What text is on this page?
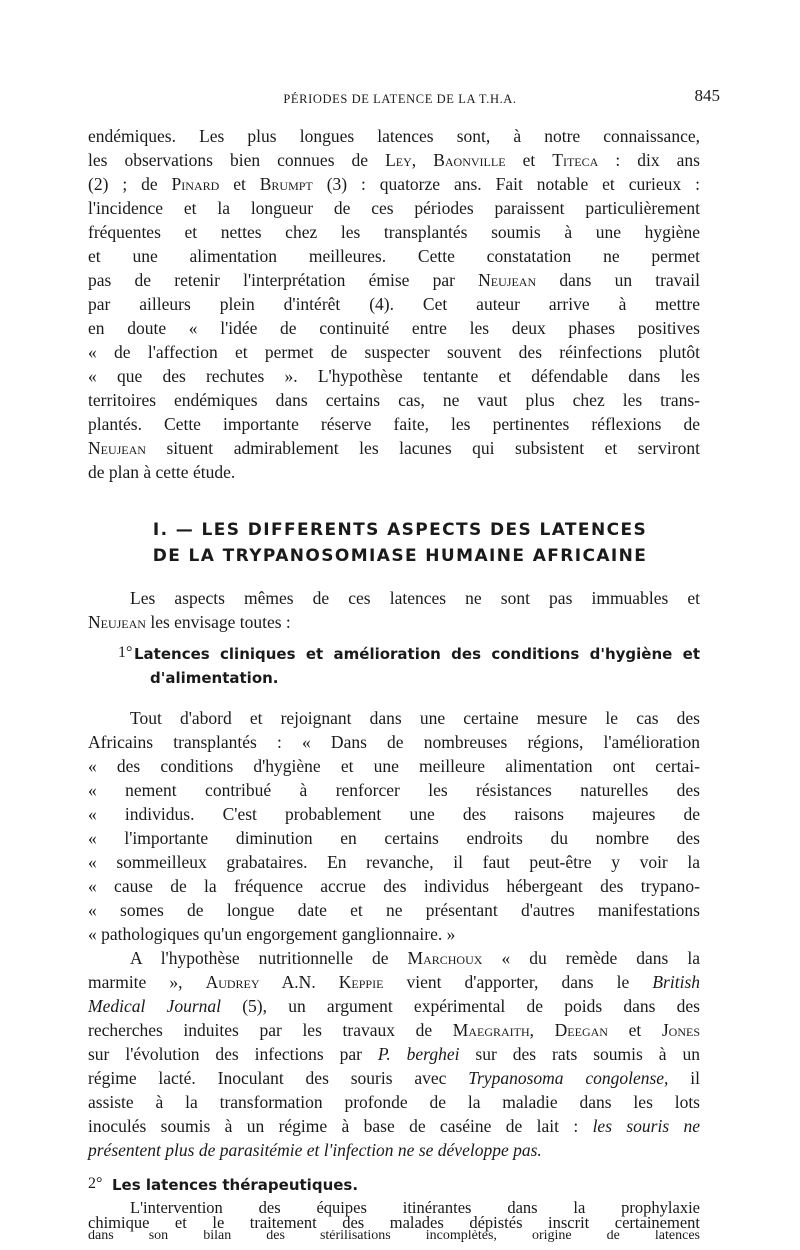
PÉRIODES DE LATENCE DE LA T.H.A.	845
endémiques. Les plus longues latences sont, à notre connaissance,
les observations bien connues de Ley, Baonville et Titeca : dix ans
(2) ; de Pinard et Brumpt (3) : quatorze ans. Fait notable et curieux :
l'incidence et la longueur de ces périodes paraissent particulièrement
fréquentes et nettes chez les transplantés soumis à une hygiène
et une alimentation meilleures. Cette constatation ne permet
pas de retenir l'interprétation émise par Neujean dans un travail
par ailleurs plein d'intérêt (4). Cet auteur arrive à mettre
en doute « l'idée de continuité entre les deux phases positives
« de l'affection et permet de suspecter souvent des réinfections plutôt
« que des rechutes ». L'hypothèse tentante et défendable dans les
territoires endémiques dans certains cas, ne vaut plus chez les trans-
plantés. Cette importante réserve faite, les pertinentes réflexions de
Neujean situent admirablement les lacunes qui subsistent et serviront
de plan à cette étude.
I. — LES DIFFERENTS ASPECTS DES LATENCES
DE LA TRYPANOSOMIASE HUMAINE AFRICAINE
Les aspects mêmes de ces latences ne sont pas immuables et
Neujean les envisage toutes :
1° Latences cliniques et amélioration des conditions d'hygiène et
d'alimentation.
Tout d'abord et rejoignant dans une certaine mesure le cas des
Africains transplantés : « Dans de nombreuses régions, l'amélioration
« des conditions d'hygiène et une meilleure alimentation ont certai-
« nement contribué à renforcer les résistances naturelles des
« individus. C'est probablement une des raisons majeures de
« l'importante diminution en certains endroits du nombre des
« sommeilleux grabataires. En revanche, il faut peut-être y voir la
« cause de la fréquence accrue des individus hébergeant des trypano-
« somes de longue date et ne présentant d'autres manifestations
« pathologiques qu'un engorgement ganglionnaire. »
A l'hypothèse nutritionnelle de Marchoux « du remède dans la
marmite », Audrey A.N. Keppie vient d'apporter, dans le British
Medical Journal (5), un argument expérimental de poids dans des
recherches induites par les travaux de Maegraith, Deegan et Jones
sur l'évolution des infections par P. berghei sur des rats soumis à un
régime lacté. Inoculant des souris avec Trypanosoma congolense, il
assiste à la transformation profonde de la maladie dans les lots
inoculés soumis à un régime à base de caséine de lait : les souris ne
présentent plus de parasitémie et l'infection ne se développe pas.
2° Les latences thérapeutiques.
L'intervention des équipes itinérantes dans la prophylaxie
chimique et le traitement des malades dépistés inscrit certainement
dans son bilan des stérilisations incomplètes, origine de latences
